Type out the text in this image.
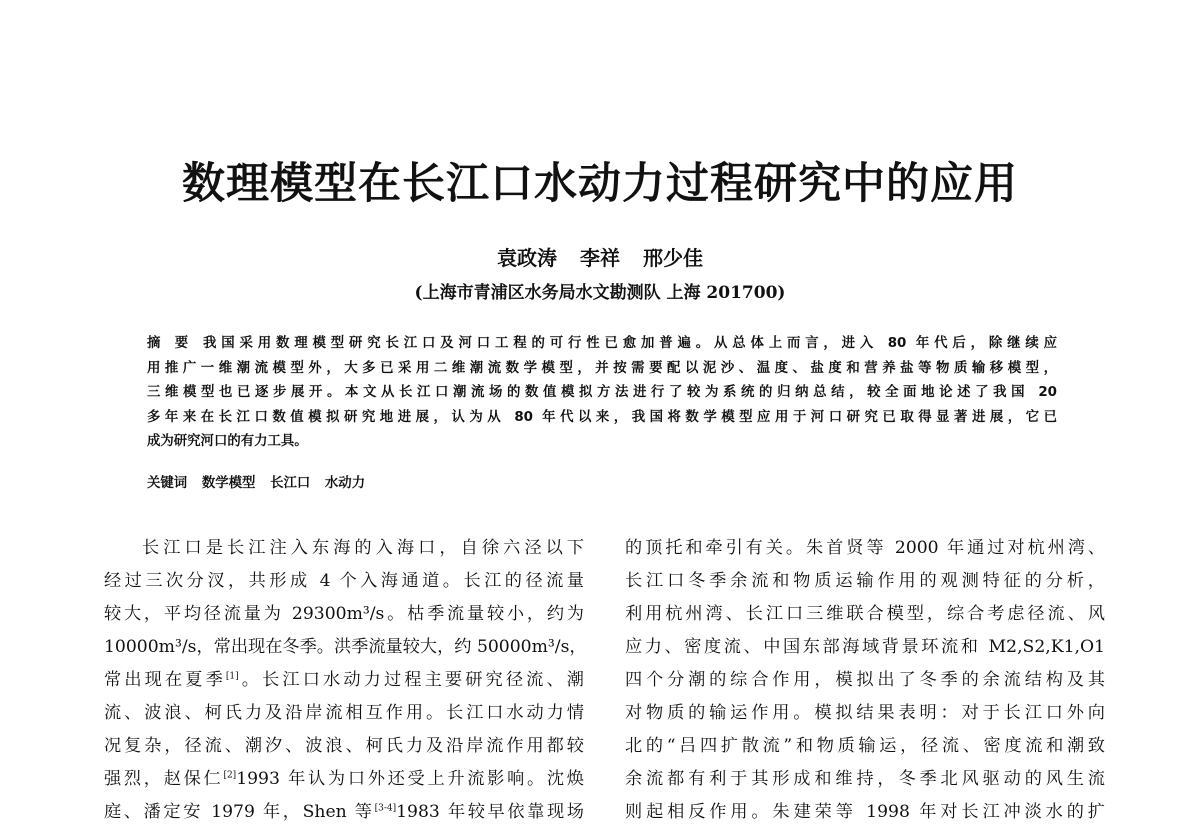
数理模型在长江口水动力过程研究中的应用
袁政涛 李祥 邢少佳
(上海市青浦区水务局水文勘测队 上海 201700)
摘 要 我国采用数理模型研究长江口及河口工程的可行性已愈加普遍。从总体上而言，进入 80 年代后，除继续应
用推广一维潮流模型外，大多已采用二维潮流数学模型，并按需要配以泥沙、温度、盐度和营养盐等物质输移模型，
三维模型也已逐步展开。本文从长江口潮流场的数值模拟方法进行了较为系统的归纳总结，较全面地论述了我国 20
多年来在长江口数值模拟研究地进展，认为从 80 年代以来，我国将数学模型应用于河口研究已取得显著进展，它已
成为研究河口的有力工具。
关键词 数学模型 长江口 水动力
长江口是长江注入东海的入海口，自徐六泾以下
经过三次分汊，共形成 4 个入海通道。长江的径流量
较大，平均径流量为 29300m³/s。枯季流量较小，约为
10000m³/s，常出现在冬季。洪季流量较大，约 50000m³/s，
常出现在夏季[1]。长江口水动力过程主要研究径流、潮
流、波浪、柯氏力及沿岸流相互作用。长江口水动力情
况复杂，径流、潮汐、波浪、柯氏力及沿岸流作用都较
强烈，赵保仁[2]1993 年认为口外还受上升流影响。沈焕
庭、潘定安 1979 年，Shen 等[3-4]1983 年较早依靠现场
的顶托和牵引有关。朱首贤等 2000 年通过对杭州湾、
长江口冬季余流和物质运输作用的观测特征的分析，
利用杭州湾、长江口三维联合模型，综合考虑径流、风
应力、密度流、中国东部海域背景环流和 M2,S2,K1,O1
四个分潮的综合作用，模拟出了冬季的余流结构及其
对物质的输运作用。模拟结果表明：对于长江口外向
北的“吕四扩散流”和物质输运，径流、密度流和潮致
余流都有利于其形成和维持，冬季北风驱动的风生流
则起相反作用。朱建荣等 1998 年对长江冲淡水的扩
